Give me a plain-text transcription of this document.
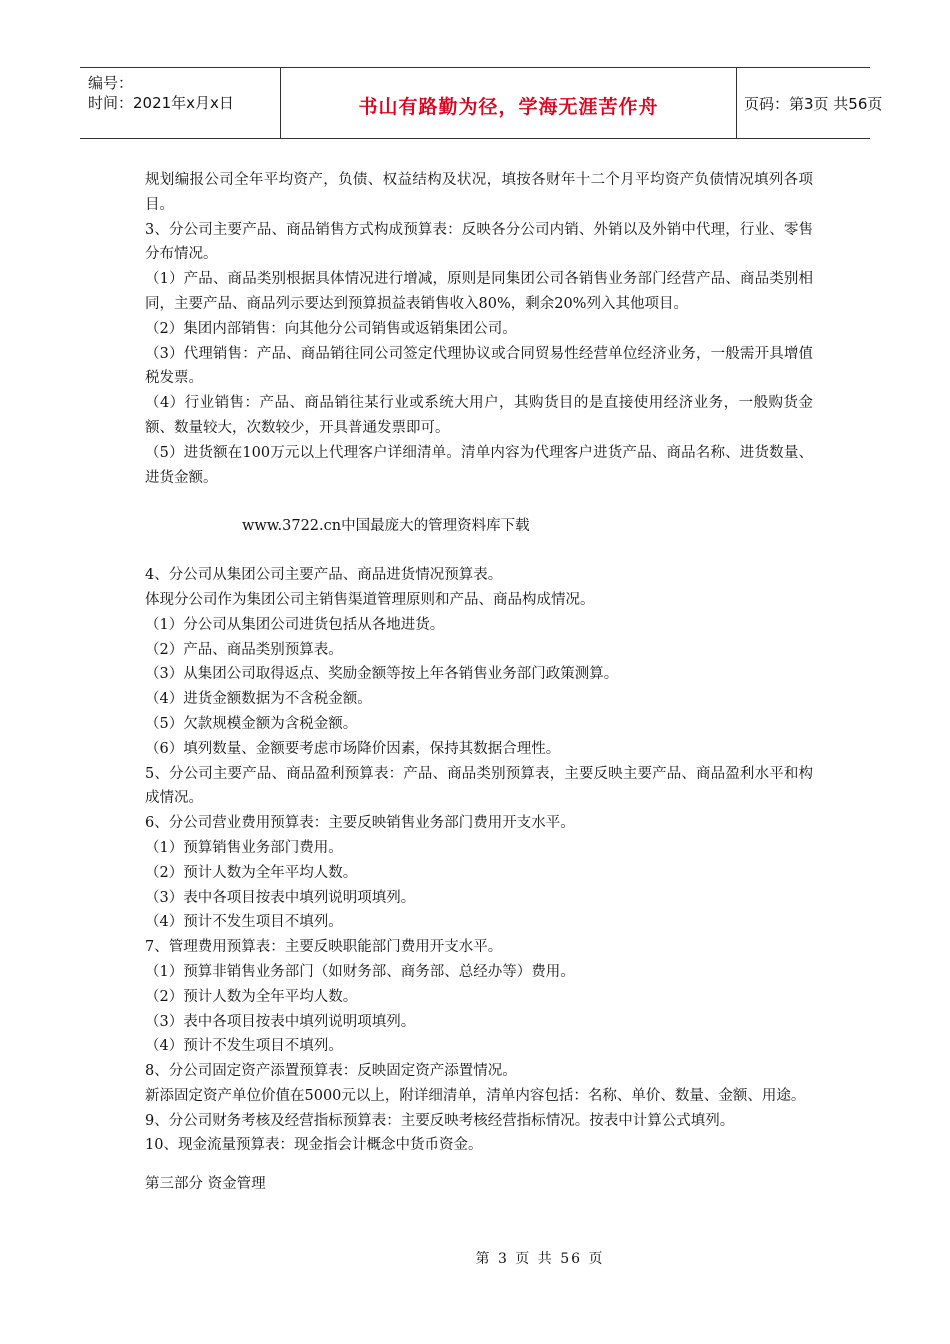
编号：
时间：2021年x月x日	书山有路勤为径，学海无涯苦作舟	页码：第3页 共56页

规划编报公司全年平均资产，负债、权益结构及状况，填按各财年十二个月平均资产负债情况填列各项目。

3、分公司主要产品、商品销售方式构成预算表：反映各分公司内销、外销以及外销中代理，行业、零售分布情况。

（1）产品、商品类别根据具体情况进行增减，原则是同集团公司各销售业务部门经营产品、商品类别相同，主要产品、商品列示要达到预算损益表销售收入80%，剩余20%列入其他项目。

（2）集团内部销售：向其他分公司销售或返销集团公司。

（3）代理销售：产品、商品销往同公司签定代理协议或合同贸易性经营单位经济业务，一般需开具增值税发票。

（4）行业销售：产品、商品销往某行业或系统大用户，其购货目的是直接使用经济业务，一般购货金额、数量较大，次数较少，开具普通发票即可。

（5）进货额在100万元以上代理客户详细清单。清单内容为代理客户进货产品、商品名称、进货数量、进货金额。

www.3722.cn中国最庞大的管理资料库下载

4、分公司从集团公司主要产品、商品进货情况预算表。

体现分公司作为集团公司主销售渠道管理原则和产品、商品构成情况。

（1）分公司从集团公司进货包括从各地进货。

（2）产品、商品类别预算表。

（3）从集团公司取得返点、奖励金额等按上年各销售业务部门政策测算。

（4）进货金额数据为不含税金额。

（5）欠款规模金额为含税金额。

（6）填列数量、金额要考虑市场降价因素，保持其数据合理性。

5、分公司主要产品、商品盈利预算表：产品、商品类别预算表，主要反映主要产品、商品盈利水平和构成情况。

6、分公司营业费用预算表：主要反映销售业务部门费用开支水平。

（1）预算销售业务部门费用。

（2）预计人数为全年平均人数。

（3）表中各项目按表中填列说明项填列。

（4）预计不发生项目不填列。

7、管理费用预算表：主要反映职能部门费用开支水平。

（1）预算非销售业务部门（如财务部、商务部、总经办等）费用。

（2）预计人数为全年平均人数。

（3）表中各项目按表中填列说明项填列。

（4）预计不发生项目不填列。

8、分公司固定资产添置预算表：反映固定资产添置情况。

新添固定资产单位价值在5000元以上，附详细清单，清单内容包括：名称、单价、数量、金额、用途。

9、分公司财务考核及经营指标预算表：主要反映考核经营指标情况。按表中计算公式填列。

10、现金流量预算表：现金指会计概念中货币资金。

第三部分 资金管理

第 3 页 共 56 页
